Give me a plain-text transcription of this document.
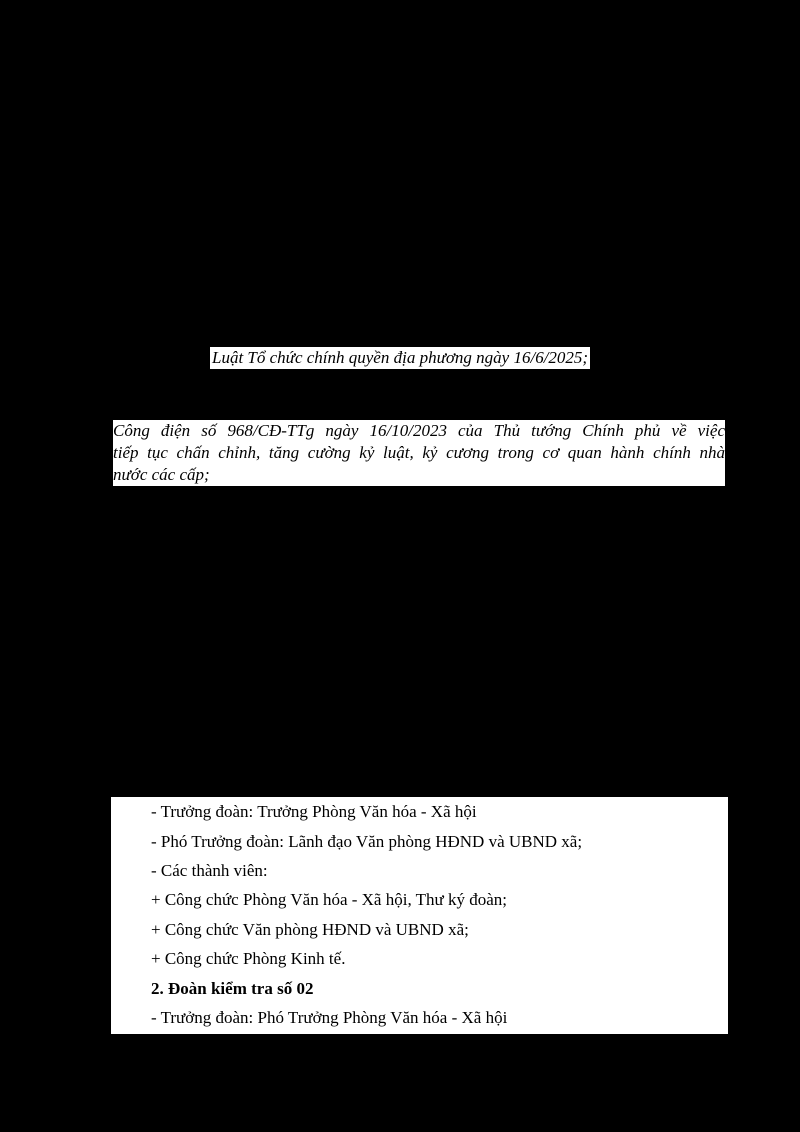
Luật Tổ chức chính quyền địa phương ngày 16/6/2025;
Công điện số 968/CĐ-TTg ngày 16/10/2023 của Thủ tướng Chính phủ về việc
tiếp tục chấn chỉnh, tăng cường kỷ luật, kỷ cương trong cơ quan hành chính nhà
nước các cấp;
- Trưởng đoàn: Trưởng Phòng Văn hóa - Xã hội
- Phó Trưởng đoàn: Lãnh đạo Văn phòng HĐND và UBND xã;
- Các thành viên:
+ Công chức Phòng Văn hóa - Xã hội, Thư ký đoàn;
+ Công chức Văn phòng HĐND và UBND xã;
+ Công chức Phòng Kinh tế.
2. Đoàn kiểm tra số 02
- Trưởng đoàn: Phó Trưởng Phòng Văn hóa - Xã hội
